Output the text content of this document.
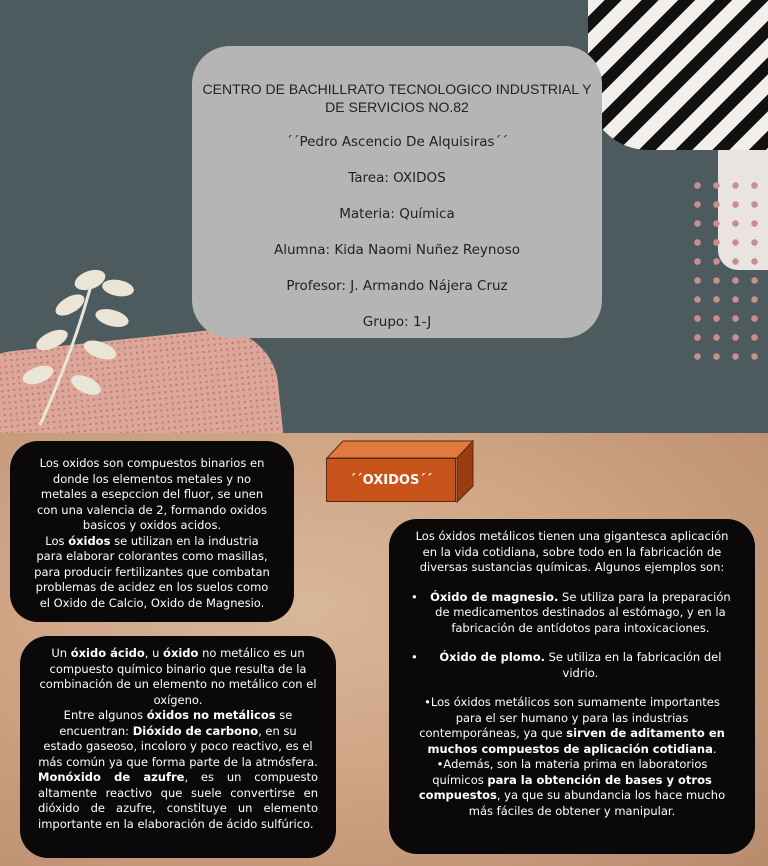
CENTRO DE BACHILLRATO TECNOLOGICO INDUSTRIAL Y DE SERVICIOS NO.82
´´Pedro Ascencio De Alquisiras´´
Tarea: OXIDOS
Materia: Química
Alumna: Kida Naomi Nuñez Reynoso
Profesor: J. Armando Nájera Cruz
Grupo: 1-J
´´OXIDOS´´
Los oxidos son compuestos binarios en donde los elementos metales y no metales a esepccion del fluor, se unen con una valencia de 2, formando oxidos basicos y oxidos acidos.
Los óxidos se utilizan en la industria para elaborar colorantes como masillas, para producir fertilizantes que combatan problemas de acidez en los suelos como el Oxido de Calcio, Oxido de Magnesio.
Un óxido ácido, u óxido no metálico es un compuesto químico binario que resulta de la combinación de un elemento no metálico con el oxígeno.
Entre algunos óxidos no metálicos se encuentran: Dióxido de carbono, en su estado gaseoso, incoloro y poco reactivo, es el más común ya que forma parte de la atmósfera.
Monóxido de azufre, es un compuesto altamente reactivo que suele convertirse en dióxido de azufre, constituye un elemento importante en la elaboración de ácido sulfúrico.
Los óxidos metálicos tienen una gigantesca aplicación en la vida cotidiana, sobre todo en la fabricación de diversas sustancias químicas. Algunos ejemplos son:
• Óxido de magnesio. Se utiliza para la preparación de medicamentos destinados al estómago, y en la fabricación de antídotos para intoxicaciones.
•	Óxido de plomo. Se utiliza en la fabricación del vidrio.
•Los óxidos metálicos son sumamente importantes para el ser humano y para las industrias contemporáneas, ya que sirven de aditamento en muchos compuestos de aplicación cotidiana.
•Además, son la materia prima en laboratorios químicos para la obtención de bases y otros compuestos, ya que su abundancia los hace mucho más fáciles de obtener y manipular.
